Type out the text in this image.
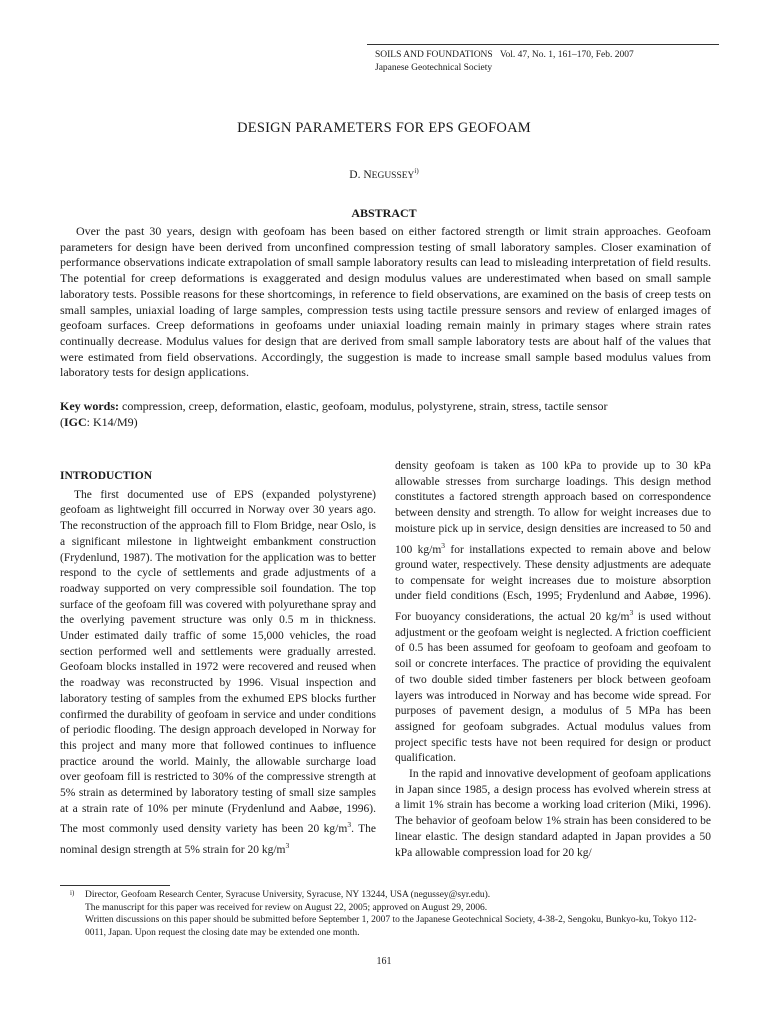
SOILS AND FOUNDATIONS Vol. 47, No. 1, 161–170, Feb. 2007
Japanese Geotechnical Society
DESIGN PARAMETERS FOR EPS GEOFOAM
D. NEGUSSEY$^{i)}$
ABSTRACT

Over the past 30 years, design with geofoam has been based on either factored strength or limit strain approaches. Geofoam parameters for design have been derived from unconfined compression testing of small laboratory samples. Closer examination of performance observations indicate extrapolation of small sample laboratory results can lead to misleading interpretation of field results. The potential for creep deformations is exaggerated and design modulus values are underestimated when based on small sample laboratory tests. Possible reasons for these shortcomings, in reference to field observations, are examined on the basis of creep tests on small samples, uniaxial loading of large samples, compression tests using tactile pressure sensors and review of enlarged images of geofoam surfaces. Creep deformations in geofoams under uniaxial loading remain mainly in primary stages where strain rates continually decrease. Modulus values for design that are derived from small sample laboratory tests are about half of the values that were estimated from field observations. Accordingly, the suggestion is made to increase small sample based modulus values from laboratory tests for design applications.

Key words: compression, creep, deformation, elastic, geofoam, modulus, polystyrene, strain, stress, tactile sensor
(IGC: K14/M9)

INTRODUCTION

The first documented use of EPS (expanded polystyrene) geofoam as lightweight fill occurred in Norway over 30 years ago. The reconstruction of the approach fill to Flom Bridge, near Oslo, is a significant milestone in lightweight embankment construction (Frydenlund, 1987). The motivation for the application was to better respond to the cycle of settlements and grade adjustments of a roadway supported on very compressible soil foundation. The top surface of the geofoam fill was covered with polyurethane spray and the overlying pavement structure was only 0.5 m in thickness. Under estimated daily traffic of some 15,000 vehicles, the road section performed well and settlements were gradually arrested. Geofoam blocks installed in 1972 were recovered and reused when the roadway was reconstructed by 1996. Visual inspection and laboratory testing of samples from the exhumed EPS blocks further confirmed the durability of geofoam in service and under conditions of periodic flooding. The design approach developed in Norway for this project and many more that followed continues to influence practice around the world. Mainly, the allowable surcharge load over geofoam fill is restricted to 30% of the compressive strength at 5% strain as determined by laboratory testing of small size samples at a strain rate of 10% per minute (Frydenlund and Aabøe, 1996). The most commonly used density variety has been 20 $kg/m^3$. The nominal design strength at 5% strain for 20 $kg/m^3$

density geofoam is taken as 100 kPa to provide up to 30 kPa allowable stresses from surcharge loadings. This design method constitutes a factored strength approach based on correspondence between density and strength. To allow for weight increases due to moisture pick up in service, design densities are increased to 50 and 100 $kg/m^3$ for installations expected to remain above and below ground water, respectively. These density adjustments are adequate to compensate for weight increases due to moisture absorption under field conditions (Esch, 1995; Frydenlund and Aabøe, 1996). For buoyancy considerations, the actual 20 $kg/m^3$ is used without adjustment or the geofoam weight is neglected. A friction coefficient of 0.5 has been assumed for geofoam to geofoam and geofoam to soil or concrete interfaces. The practice of providing the equivalent of two double sided timber fasteners per block between geofoam layers was introduced in Norway and has become wide spread. For purposes of pavement design, a modulus of 5 MPa has been assigned for geofoam subgrades. Actual modulus values from project specific tests have not been required for design or product qualification.

In the rapid and innovative development of geofoam applications in Japan since 1985, a design process has evolved wherein stress at a limit 1% strain has become a working load criterion (Miki, 1996). The behavior of geofoam below 1% strain has been considered to be linear elastic. The design standard adapted in Japan provides a 50 kPa allowable compression load for 20 kg/

i) Director, Geofoam Research Center, Syracuse University, Syracuse, NY 13244, USA (negussey@syr.edu).
The manuscript for this paper was received for review on August 22, 2005; approved on August 29, 2006.
Written discussions on this paper should be submitted before September 1, 2007 to the Japanese Geotechnical Society, 4-38-2, Sengoku, Bunkyo-ku, Tokyo 112-0011, Japan. Upon request the closing date may be extended one month.
161
